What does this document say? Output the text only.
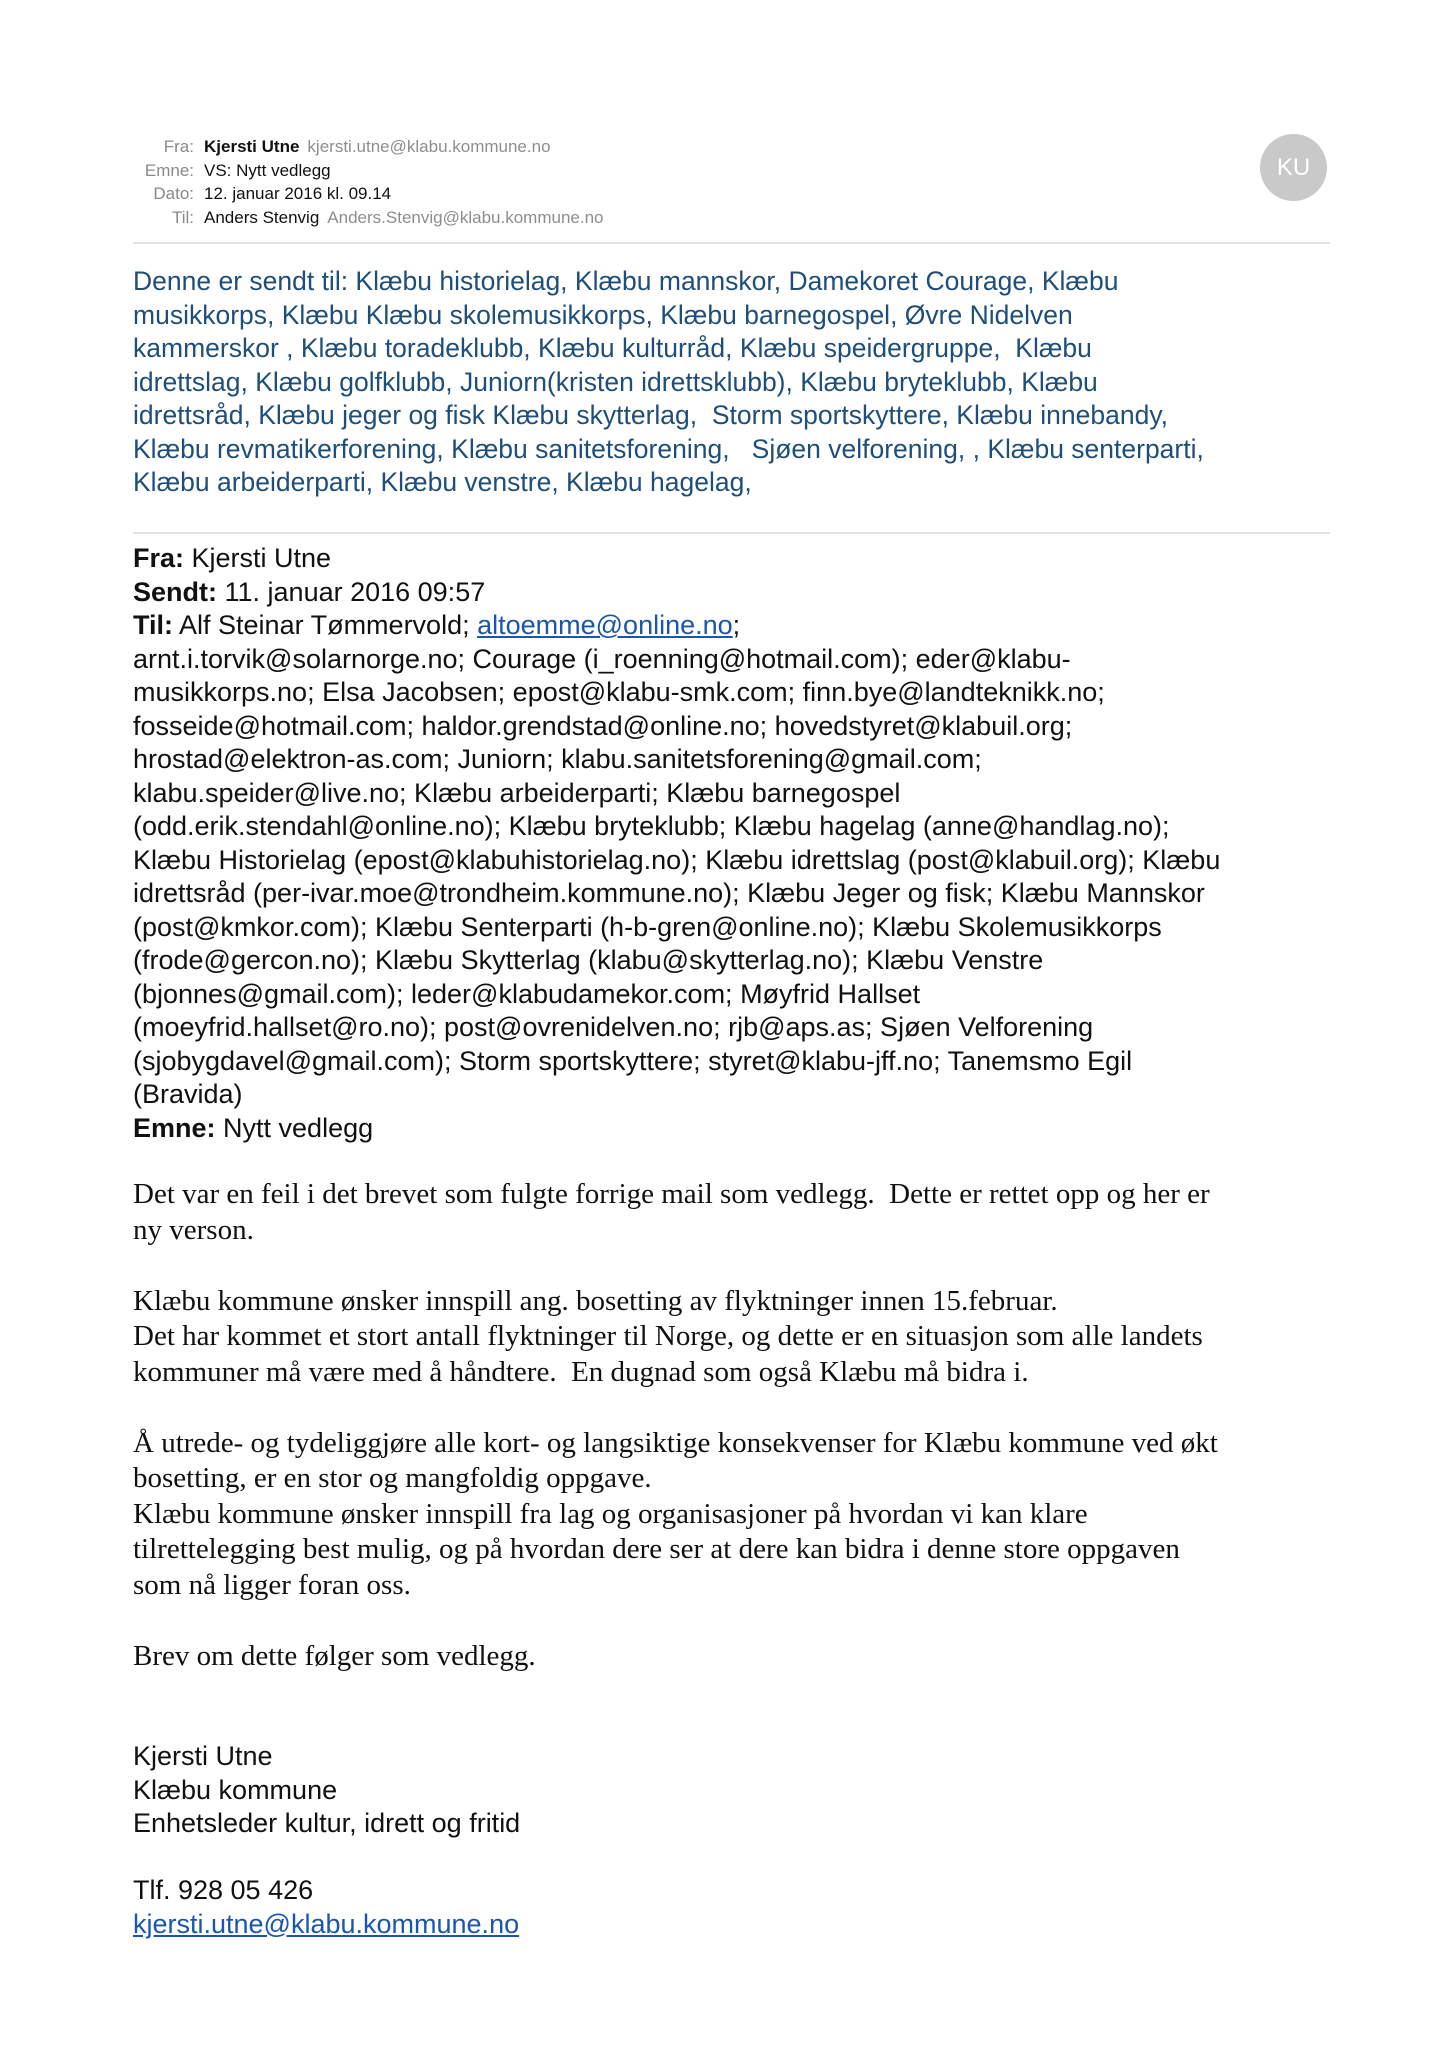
Fra: Kjersti Utne kjersti.utne@klabu.kommune.no
Emne: VS: Nytt vedlegg
Dato: 12. januar 2016 kl. 09.14
Til: Anders Stenvig Anders.Stenvig@klabu.kommune.no
KU
Denne er sendt til: Klæbu historielag, Klæbu mannskor, Damekoret Courage, Klæbu
musikkorps, Klæbu Klæbu skolemusikkorps, Klæbu barnegospel, Øvre Nidelven
kammerskor , Klæbu toradeklubb, Klæbu kulturråd, Klæbu speidergruppe,  Klæbu
idrettslag, Klæbu golfklubb, Juniorn(kristen idrettsklubb), Klæbu bryteklubb, Klæbu
idrettsråd, Klæbu jeger og fisk Klæbu skytterlag,  Storm sportskyttere, Klæbu innebandy,
Klæbu revmatikerforening, Klæbu sanitetsforening,   Sjøen velforening, , Klæbu senterparti,
Klæbu arbeiderparti, Klæbu venstre, Klæbu hagelag,
Fra: Kjersti Utne
Sendt: 11. januar 2016 09:57
Til: Alf Steinar Tømmervold; altoemme@online.no;
arnt.i.torvik@solarnorge.no; Courage (i_roenning@hotmail.com); eder@klabu-
musikkorps.no; Elsa Jacobsen; epost@klabu-smk.com; finn.bye@landteknikk.no;
fosseide@hotmail.com; haldor.grendstad@online.no; hovedstyret@klabuil.org;
hrostad@elektron-as.com; Juniorn; klabu.sanitetsforening@gmail.com;
klabu.speider@live.no; Klæbu arbeiderparti; Klæbu barnegospel
(odd.erik.stendahl@online.no); Klæbu bryteklubb; Klæbu hagelag (anne@handlag.no);
Klæbu Historielag (epost@klabuhistorielag.no); Klæbu idrettslag (post@klabuil.org); Klæbu
idrettsråd (per-ivar.moe@trondheim.kommune.no); Klæbu Jeger og fisk; Klæbu Mannskor
(post@kmkor.com); Klæbu Senterparti (h-b-gren@online.no); Klæbu Skolemusikkorps
(frode@gercon.no); Klæbu Skytterlag (klabu@skytterlag.no); Klæbu Venstre
(bjonnes@gmail.com); leder@klabudamekor.com; Møyfrid Hallset
(moeyfrid.hallset@ro.no); post@ovrenidelven.no; rjb@aps.as; Sjøen Velforening
(sjobygdavel@gmail.com); Storm sportskyttere; styret@klabu-jff.no; Tanemsmo Egil
(Bravida)
Emne: Nytt vedlegg
Det var en feil i det brevet som fulgte forrige mail som vedlegg.  Dette er rettet opp og her er
ny verson.
Klæbu kommune ønsker innspill ang. bosetting av flyktninger innen 15.februar.
Det har kommet et stort antall flyktninger til Norge, og dette er en situasjon som alle landets
kommuner må være med å håndtere.  En dugnad som også Klæbu må bidra i.
Å utrede- og tydeliggjøre alle kort- og langsiktige konsekvenser for Klæbu kommune ved økt
bosetting, er en stor og mangfoldig oppgave.
Klæbu kommune ønsker innspill fra lag og organisasjoner på hvordan vi kan klare
tilrettelegging best mulig, og på hvordan dere ser at dere kan bidra i denne store oppgaven
som nå ligger foran oss.
Brev om dette følger som vedlegg.
Kjersti Utne
Klæbu kommune
Enhetsleder kultur, idrett og fritid
Tlf. 928 05 426
kjersti.utne@klabu.kommune.no
